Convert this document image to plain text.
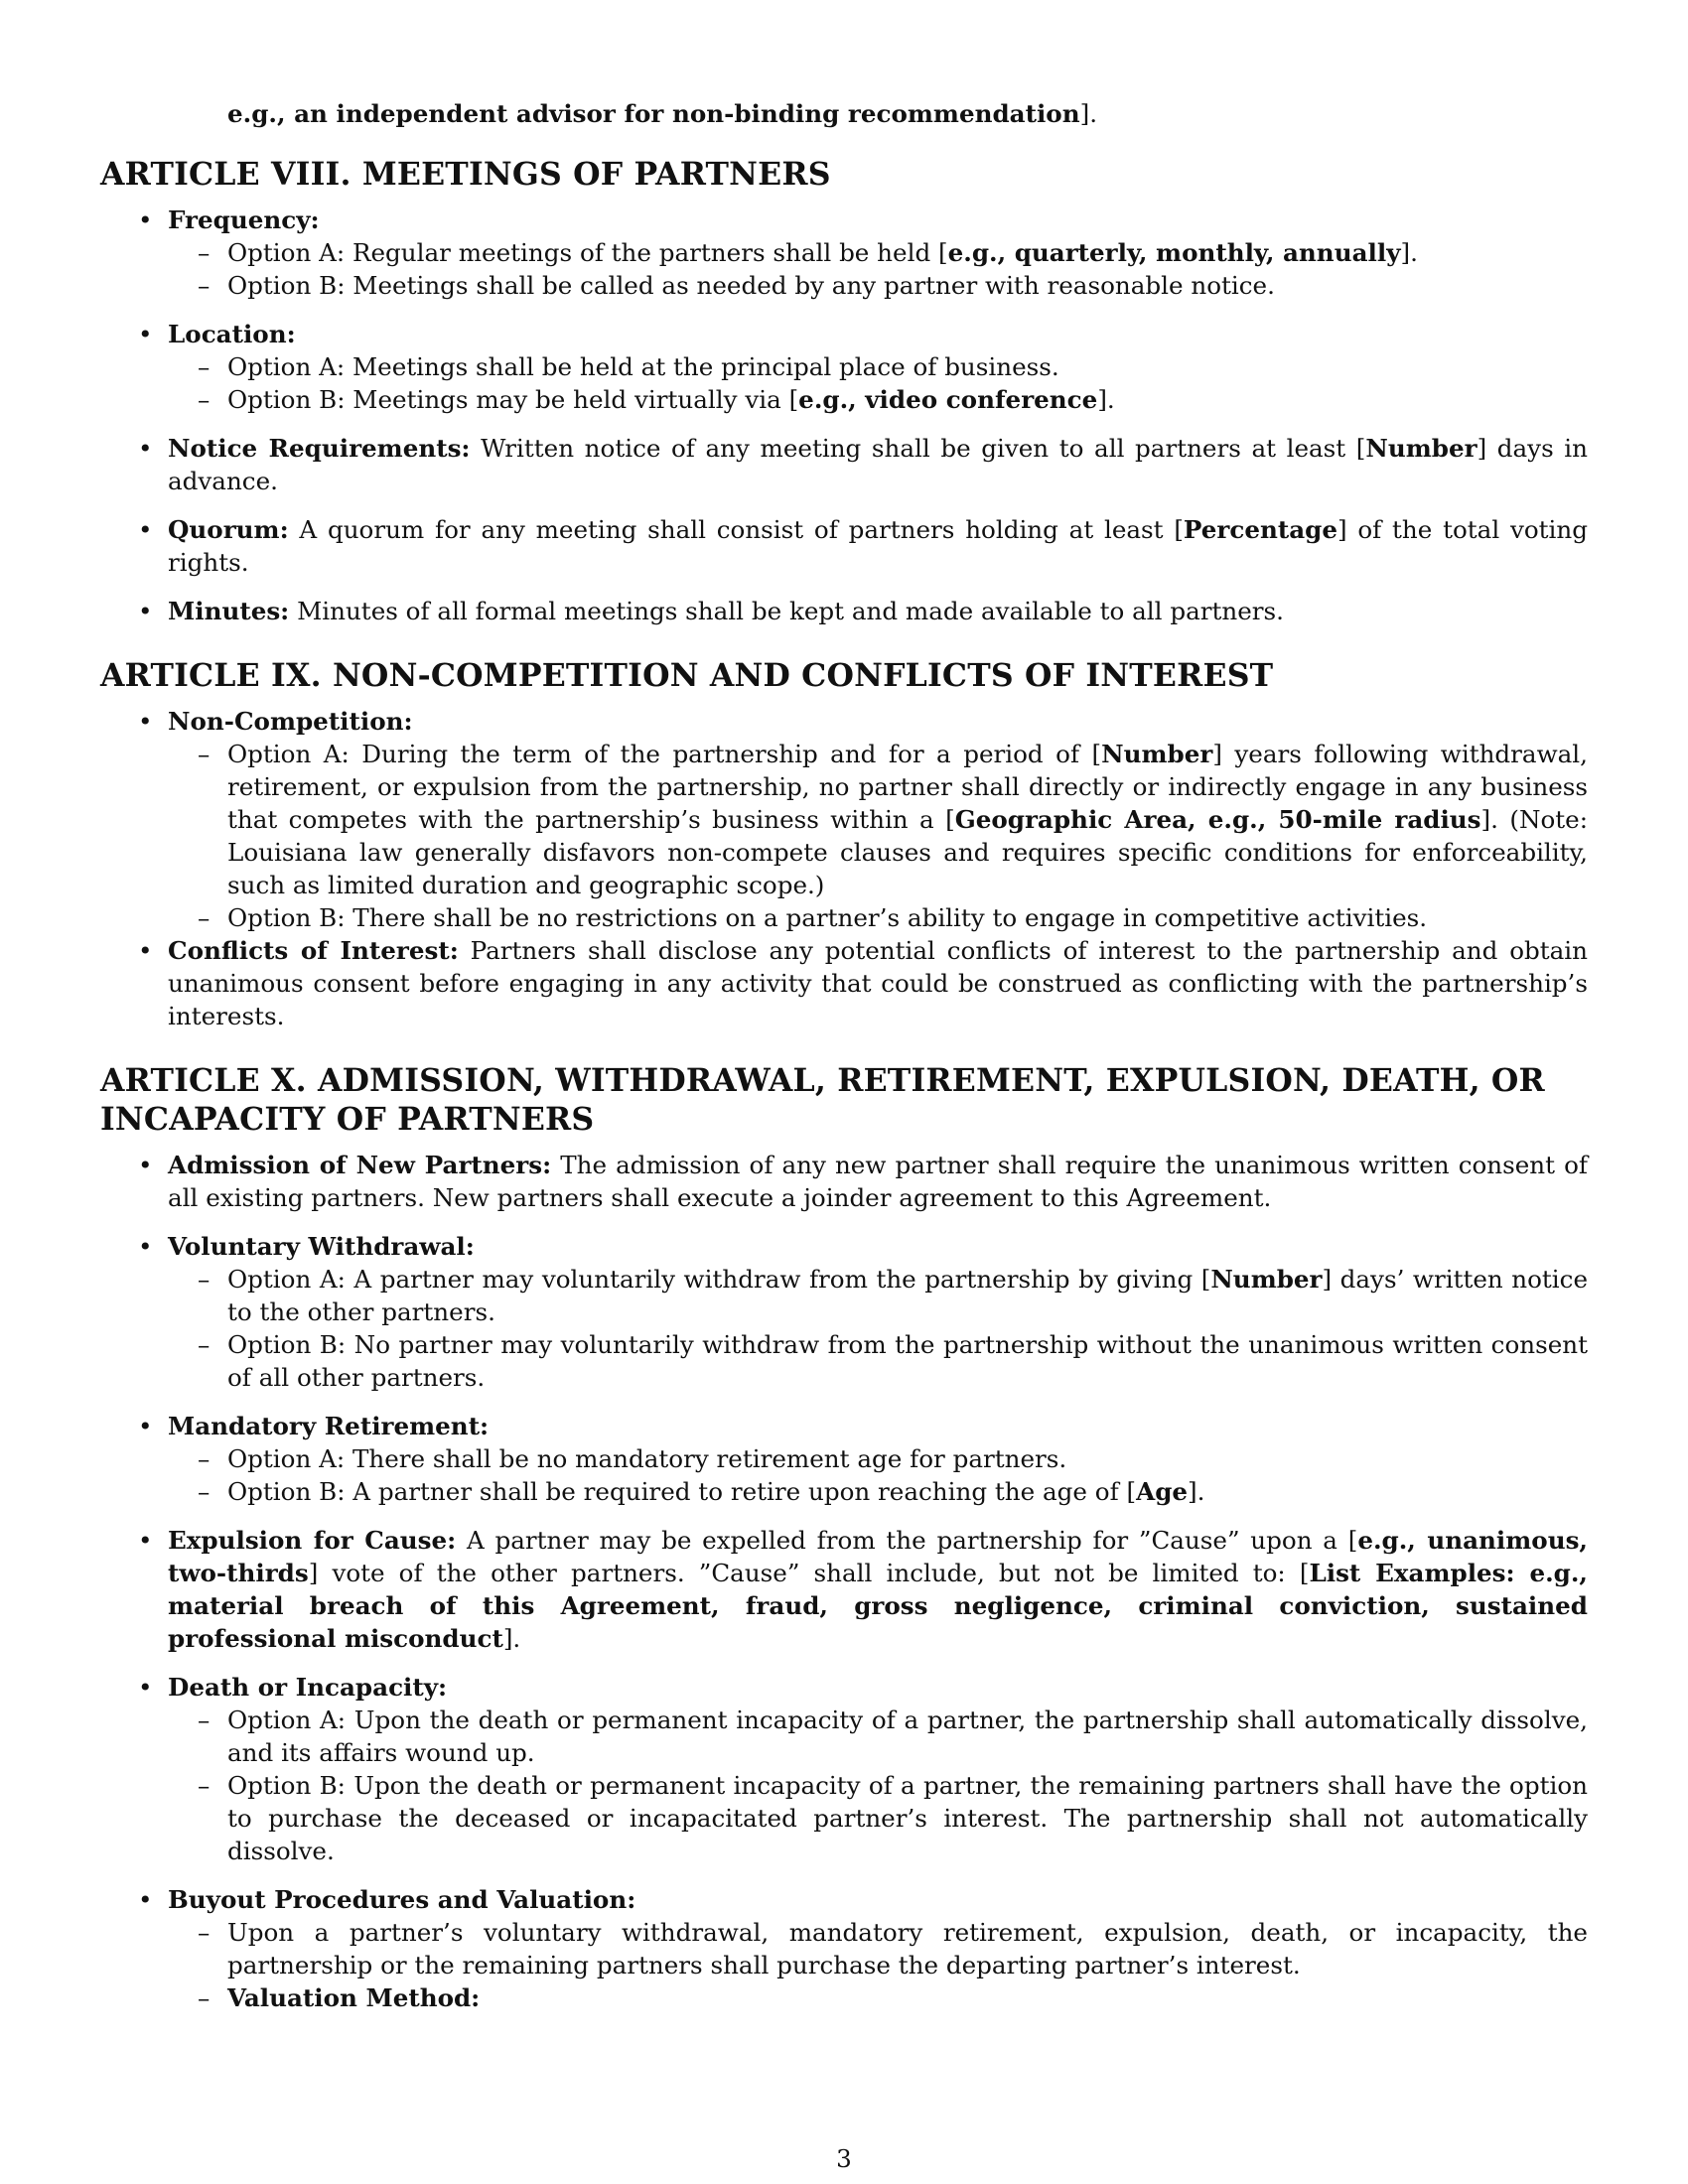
e.g., an independent advisor for non-binding recommendation].

ARTICLE VIII. MEETINGS OF PARTNERS
• Frequency:
– Option A: Regular meetings of the partners shall be held [e.g., quarterly, monthly, annually].
– Option B: Meetings shall be called as needed by any partner with reasonable notice.
• Location:
– Option A: Meetings shall be held at the principal place of business.
– Option B: Meetings may be held virtually via [e.g., video conference].
• Notice Requirements: Written notice of any meeting shall be given to all partners at least [Number] days in advance.
• Quorum: A quorum for any meeting shall consist of partners holding at least [Percentage] of the total voting rights.
• Minutes: Minutes of all formal meetings shall be kept and made available to all partners.
ARTICLE IX. NON-COMPETITION AND CONFLICTS OF INTEREST
• Non-Competition:
– Option A: During the term of the partnership and for a period of [Number] years following withdrawal, retirement, or expulsion from the partnership, no partner shall directly or indirectly engage in any business that competes with the partnership’s business within a [Geographic Area, e.g., 50-mile radius]. (Note: Louisiana law generally disfavors non-compete clauses and requires specific conditions for enforceability, such as limited duration and geographic scope.)
– Option B: There shall be no restrictions on a partner’s ability to engage in competitive activities.
• Conflicts of Interest: Partners shall disclose any potential conflicts of interest to the partnership and obtain unanimous consent before engaging in any activity that could be construed as conflicting with the partnership’s interests.
ARTICLE X. ADMISSION, WITHDRAWAL, RETIREMENT, EXPULSION, DEATH, OR INCAPACITY OF PARTNERS
• Admission of New Partners: The admission of any new partner shall require the unanimous written consent of all existing partners. New partners shall execute a joinder agreement to this Agreement.
• Voluntary Withdrawal:
– Option A: A partner may voluntarily withdraw from the partnership by giving [Number] days’ written notice to the other partners.
– Option B: No partner may voluntarily withdraw from the partnership without the unanimous written consent of all other partners.
• Mandatory Retirement:
– Option A: There shall be no mandatory retirement age for partners.
– Option B: A partner shall be required to retire upon reaching the age of [Age].
• Expulsion for Cause: A partner may be expelled from the partnership for ”Cause” upon a [e.g., unanimous, two-thirds] vote of the other partners. ”Cause” shall include, but not be limited to: [List Examples: e.g., material breach of this Agreement, fraud, gross negligence, criminal conviction, sustained professional misconduct].
• Death or Incapacity:
– Option A: Upon the death or permanent incapacity of a partner, the partnership shall automatically dissolve, and its affairs wound up.
– Option B: Upon the death or permanent incapacity of a partner, the remaining partners shall have the option to purchase the deceased or incapacitated partner’s interest. The partnership shall not automatically dissolve.
• Buyout Procedures and Valuation:
– Upon a partner’s voluntary withdrawal, mandatory retirement, expulsion, death, or incapacity, the partnership or the remaining partners shall purchase the departing partner’s interest.
– Valuation Method:
3
